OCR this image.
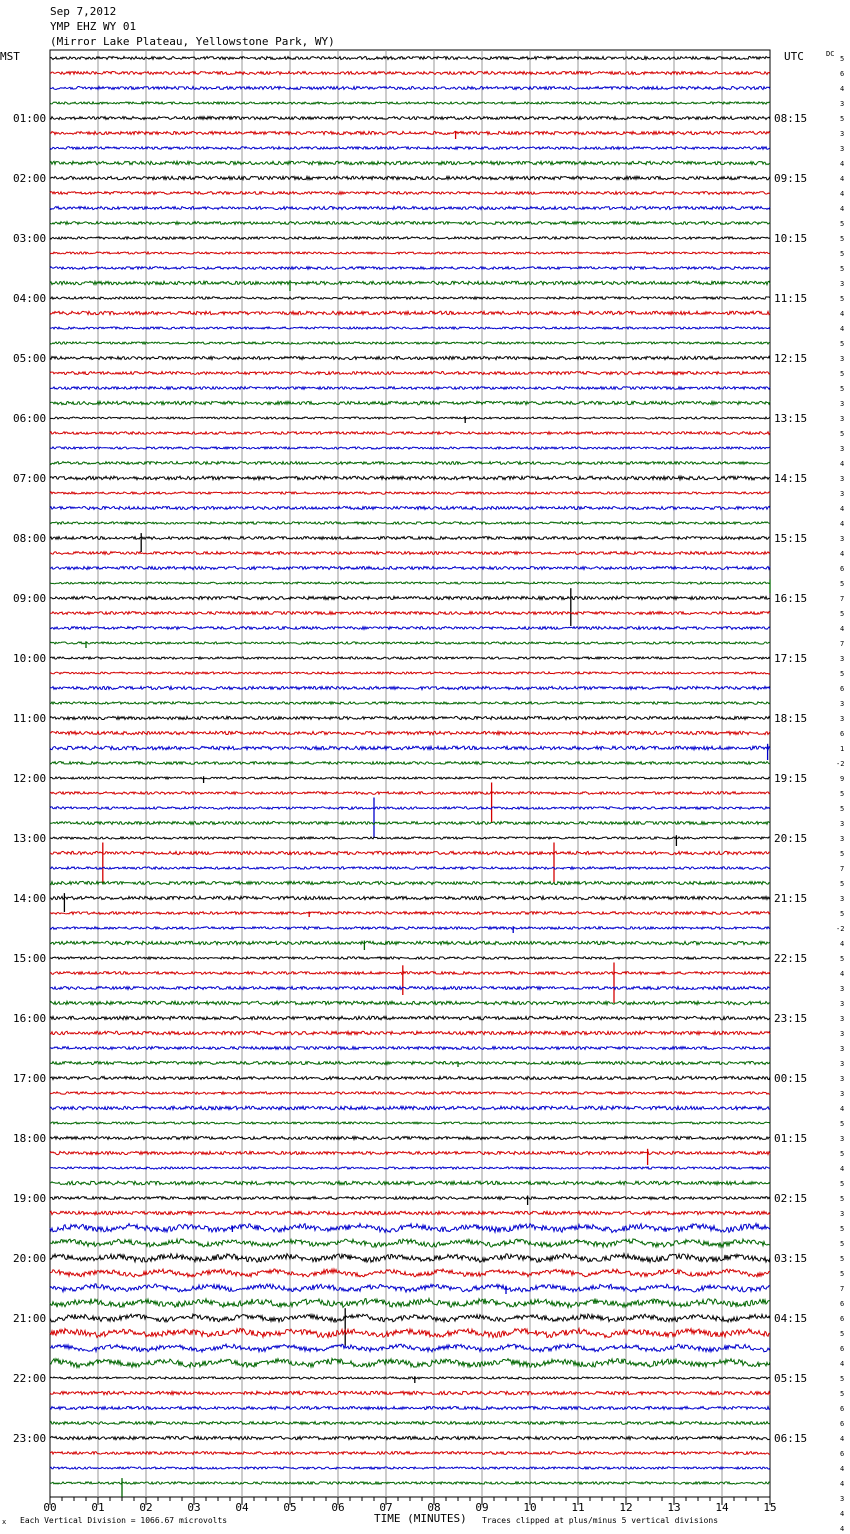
Sep 7,2012
YMP EHZ WY 01
(Mirror Lake Plateau, Yellowstone Park, WY)
01:00
02:00
03:00
04:00
05:00
06:00
07:00
08:00
09:00
10:00
11:00
12:00
13:00
14:00
15:00
16:00
17:00
18:00
19:00
20:00
21:00
22:00
23:00
08:15
09:15
10:15
11:15
12:15
13:15
14:15
15:15
16:15
17:15
18:15
19:15
20:15
21:15
22:15
23:15
00:15
01:15
02:15
03:15
04:15
05:15
06:15
5
6
4
3
5
3
3
4
4
4
4
5
5
5
5
3
5
4
4
5
3
5
5
3
3
5
3
4
3
3
4
4
3
4
6
5
7
5
4
7
3
5
6
3
3
6
1
-2
9
5
5
3
3
5
7
5
3
5
-2
4
5
4
3
3
3
3
3
3
3
3
4
5
3
5
4
5
5
3
5
5
5
5
7
6
6
5
6
4
5
5
6
6
4
6
4
4
3
4
4
00	01	02	03	04	05	06	07	08	09	10	11	12	13	14	15
MST	UTC	DC
x Each Vertical Division = 1066.67 microvolts	TIME (MINUTES) Traces clipped at plus/minus 5 vertical divisions
